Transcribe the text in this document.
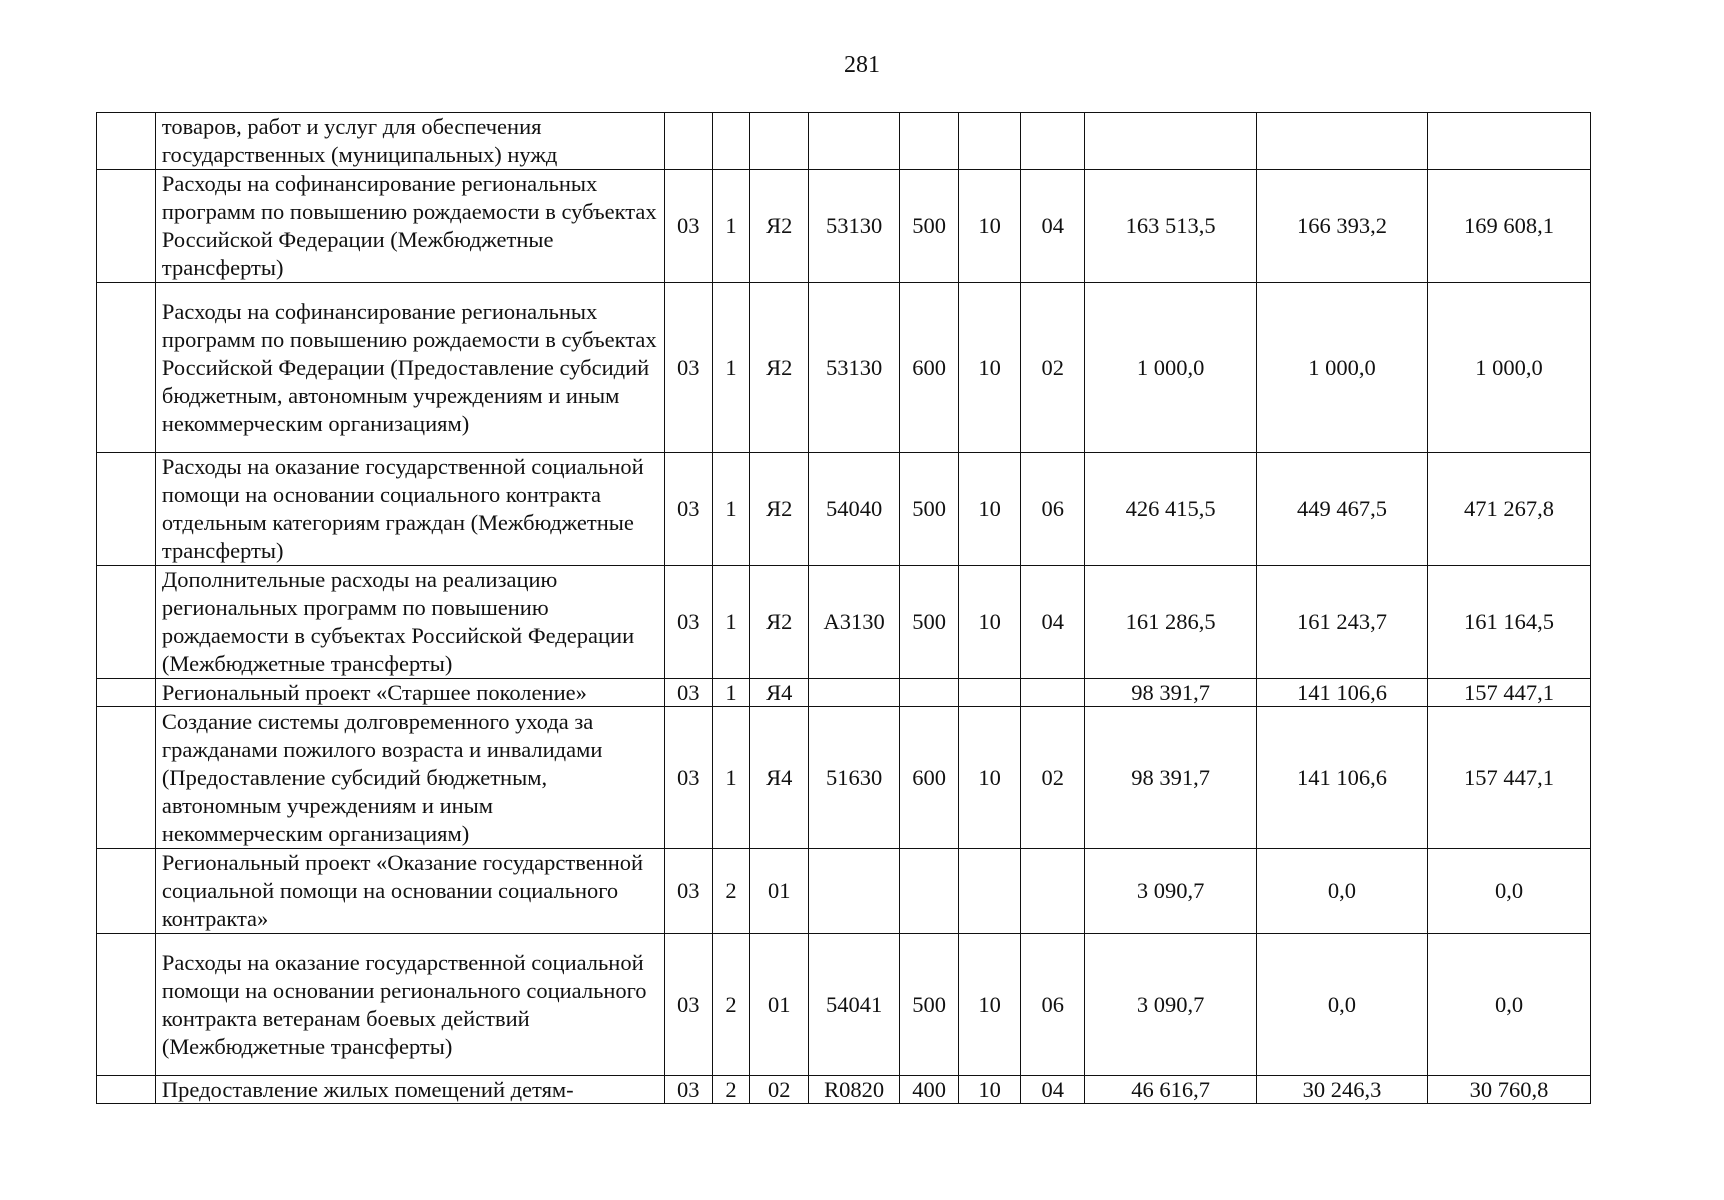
281
	товаров, работ и услуг для обеспечения государственных (муниципальных) нужд										
	Расходы на софинансирование региональных программ по повышению рождаемости в субъектах Российской Федерации (Межбюджетные трансферты)	03	1	Я2	53130	500	10	04	163 513,5	166 393,2	169 608,1
	Расходы на софинансирование региональных программ по повышению рождаемости в субъектах Российской Федерации (Предоставление субсидий бюджетным, автономным учреждениям и иным некоммерческим организациям)	03	1	Я2	53130	600	10	02	1 000,0	1 000,0	1 000,0
	Расходы на оказание государственной социальной помощи на основании социального контракта отдельным категориям граждан (Межбюджетные трансферты)	03	1	Я2	54040	500	10	06	426 415,5	449 467,5	471 267,8
	Дополнительные расходы на реализацию региональных программ по повышению рождаемости в субъектах Российской Федерации (Межбюджетные трансферты)	03	1	Я2	А3130	500	10	04	161 286,5	161 243,7	161 164,5
	Региональный проект «Старшее поколение»	03	1	Я4					98 391,7	141 106,6	157 447,1
	Создание системы долговременного ухода за гражданами пожилого возраста и инвалидами (Предоставление субсидий бюджетным, автономным учреждениям и иным некоммерческим организациям)	03	1	Я4	51630	600	10	02	98 391,7	141 106,6	157 447,1
	Региональный проект «Оказание государственной социальной помощи на основании социального контракта»	03	2	01					3 090,7	0,0	0,0
	Расходы на оказание государственной социальной помощи на основании регионального социального контракта ветеранам боевых действий (Межбюджетные трансферты)	03	2	01	54041	500	10	06	3 090,7	0,0	0,0
	Предоставление жилых помещений детям-	03	2	02	R0820	400	10	04	46 616,7	30 246,3	30 760,8
